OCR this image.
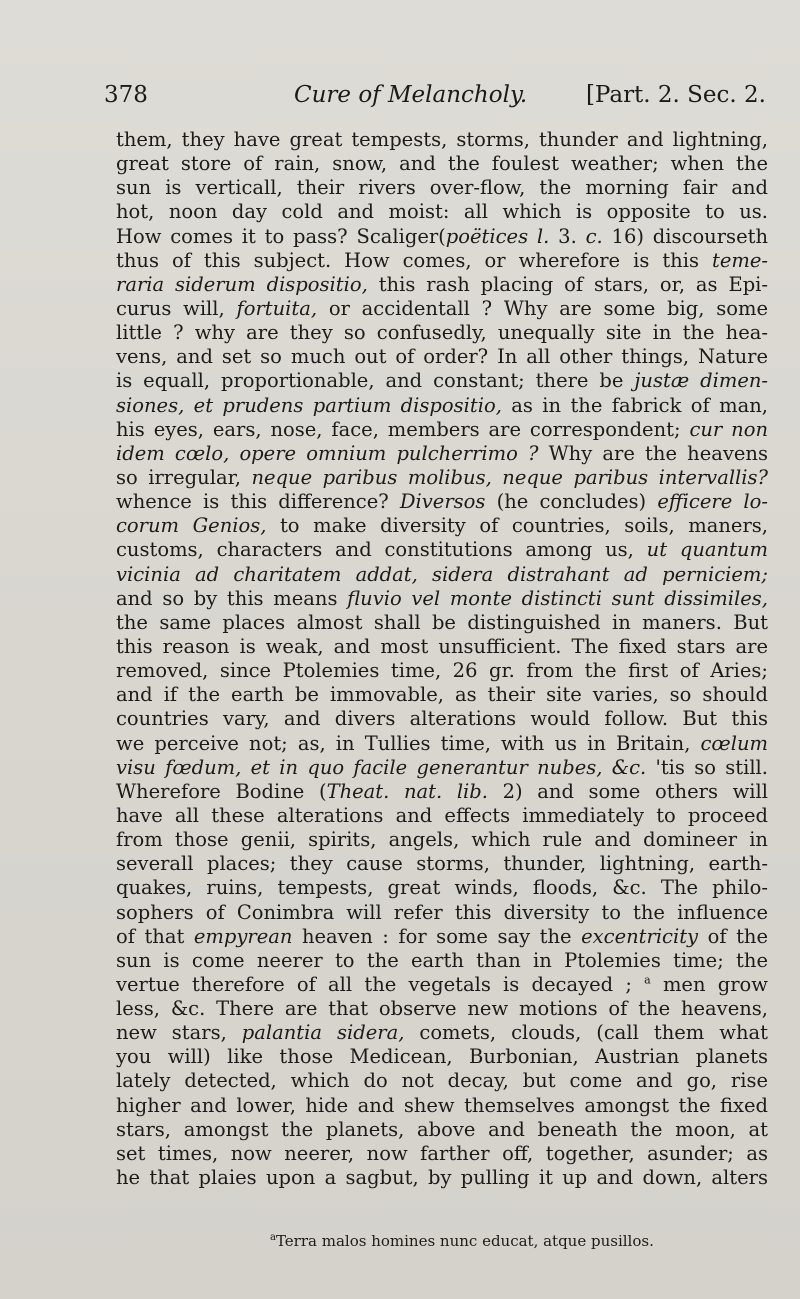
378	Cure of Melancholy.	[Part. 2. Sec. 2.
them, they have great tempests, storms, thunder and lightning,
great store of rain, snow, and the foulest weather; when the
sun is verticall, their rivers over-flow, the morning fair and
hot, noon day cold and moist: all which is opposite to us.
How comes it to pass? Scaliger(poëtices l. 3. c. 16) discourseth
thus of this subject. How comes, or wherefore is this teme-
raria siderum dispositio, this rash placing of stars, or, as Epi-
curus will, fortuita, or accidentall ? Why are some big, some
little ? why are they so confusedly, unequally site in the hea-
vens, and set so much out of order? In all other things, Nature
is equall, proportionable, and constant; there be justæ dimen-
siones, et prudens partium dispositio, as in the fabrick of man,
his eyes, ears, nose, face, members are correspondent; cur non
idem cœlo, opere omnium pulcherrimo ? Why are the heavens
so irregular, neque paribus molibus, neque paribus intervallis?
whence is this difference? Diversos (he concludes) efficere lo-
corum Genios, to make diversity of countries, soils, maners,
customs, characters and constitutions among us, ut quantum
vicinia ad charitatem addat, sidera distrahant ad perniciem;
and so by this means fluvio vel monte distincti sunt dissimiles,
the same places almost shall be distinguished in maners. But
this reason is weak, and most unsufficient. The fixed stars are
removed, since Ptolemies time, 26 gr. from the first of Aries;
and if the earth be immovable, as their site varies, so should
countries vary, and divers alterations would follow. But this
we perceive not; as, in Tullies time, with us in Britain, cœlum
visu fœdum, et in quo facile generantur nubes, &c. 'tis so still.
Wherefore Bodine (Theat. nat. lib. 2) and some others will
have all these alterations and effects immediately to proceed
from those genii, spirits, angels, which rule and domineer in
severall places; they cause storms, thunder, lightning, earth-
quakes, ruins, tempests, great winds, floods, &c. The philo-
sophers of Conimbra will refer this diversity to the influence
of that empyrean heaven : for some say the excentricity of the
sun is come neerer to the earth than in Ptolemies time; the
vertue therefore of all the vegetals is decayed ; $^a$ men grow
less, &c. There are that observe new motions of the heavens,
new stars, palantia sidera, comets, clouds, (call them what
you will) like those Medicean, Burbonian, Austrian planets
lately detected, which do not decay, but come and go, rise
higher and lower, hide and shew themselves amongst the fixed
stars, amongst the planets, above and beneath the moon, at
set times, now neerer, now farther off, together, asunder; as
he that plaies upon a sagbut, by pulling it up and down, alters
$^a$Terra malos homines nunc educat, atque pusillos.
